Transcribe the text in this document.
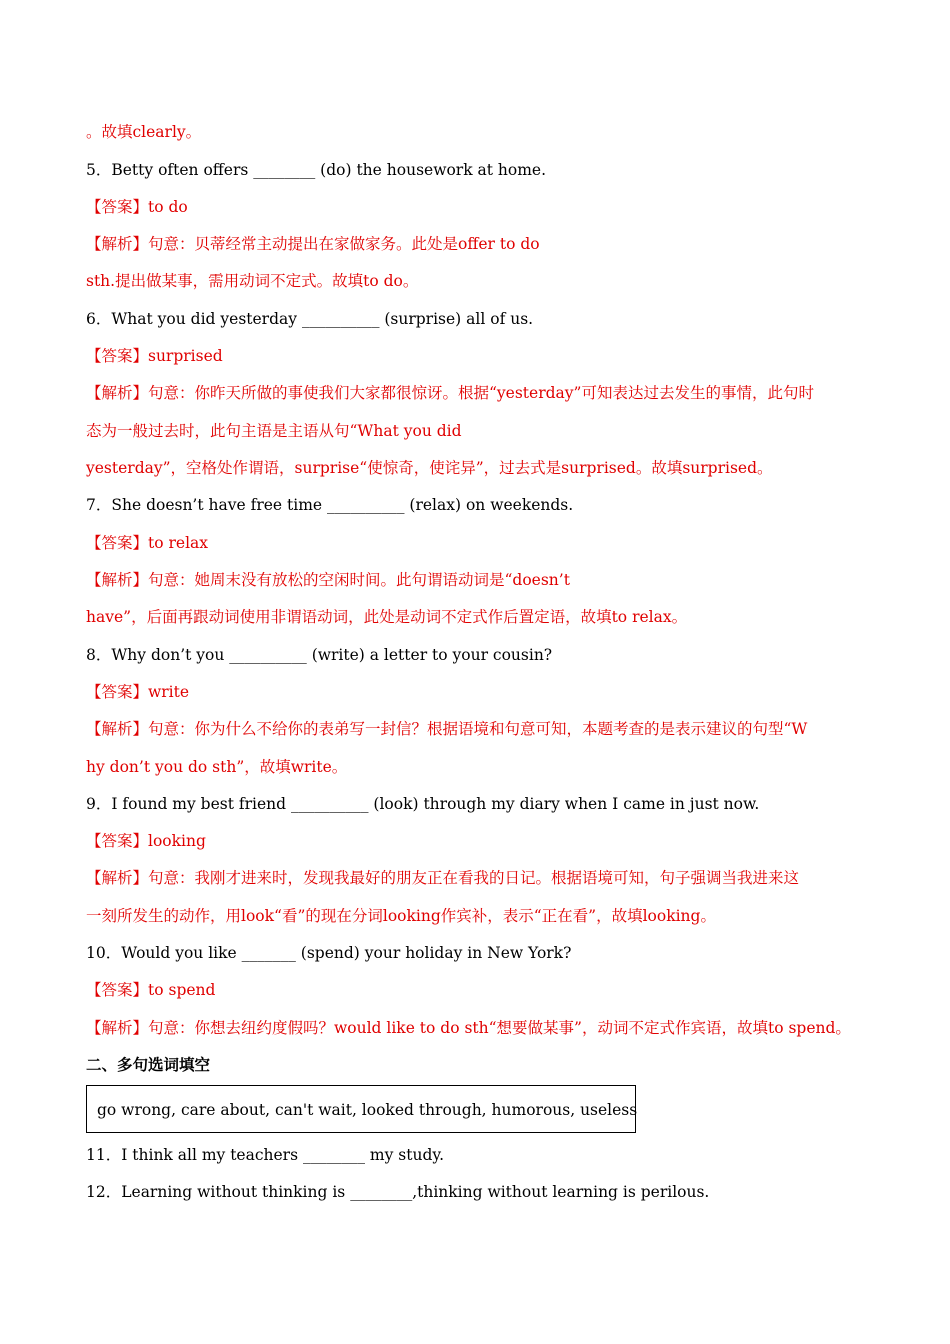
。故填clearly。
5．Betty often offers ________ (do) the housework at home.
【答案】to do
【解析】句意：贝蒂经常主动提出在家做家务。此处是offer to do
sth.提出做某事，需用动词不定式。故填to do。
6．What you did yesterday __________ (surprise) all of us.
【答案】surprised
【解析】句意：你昨天所做的事使我们大家都很惊讶。根据“yesterday”可知表达过去发生的事情，此句时
态为一般过去时，此句主语是主语从句“What you did
yesterday”，空格处作谓语，surprise“使惊奇，使诧异”，过去式是surprised。故填surprised。
7．She doesn’t have free time __________ (relax) on weekends.
【答案】to relax
【解析】句意：她周末没有放松的空闲时间。此句谓语动词是“doesn’t
have”，后面再跟动词使用非谓语动词，此处是动词不定式作后置定语，故填to relax。
8．Why don’t you __________ (write) a letter to your cousin?
【答案】write
【解析】句意：你为什么不给你的表弟写一封信？根据语境和句意可知，本题考查的是表示建议的句型“W
hy don’t you do sth”，故填write。
9．I found my best friend __________ (look) through my diary when I came in just now.
【答案】looking
【解析】句意：我刚才进来时，发现我最好的朋友正在看我的日记。根据语境可知，句子强调当我进来这
一刻所发生的动作，用look“看”的现在分词looking作宾补，表示“正在看”，故填looking。
10．Would you like _______ (spend) your holiday in New York?
【答案】to spend
【解析】句意：你想去纽约度假吗？would like to do sth“想要做某事”，动词不定式作宾语，故填to spend。
二、多句选词填空
go wrong, care about, can't wait, looked through, humorous, useless
11．I think all my teachers ________ my study.
12．Learning without thinking is ________,thinking without learning is perilous.
